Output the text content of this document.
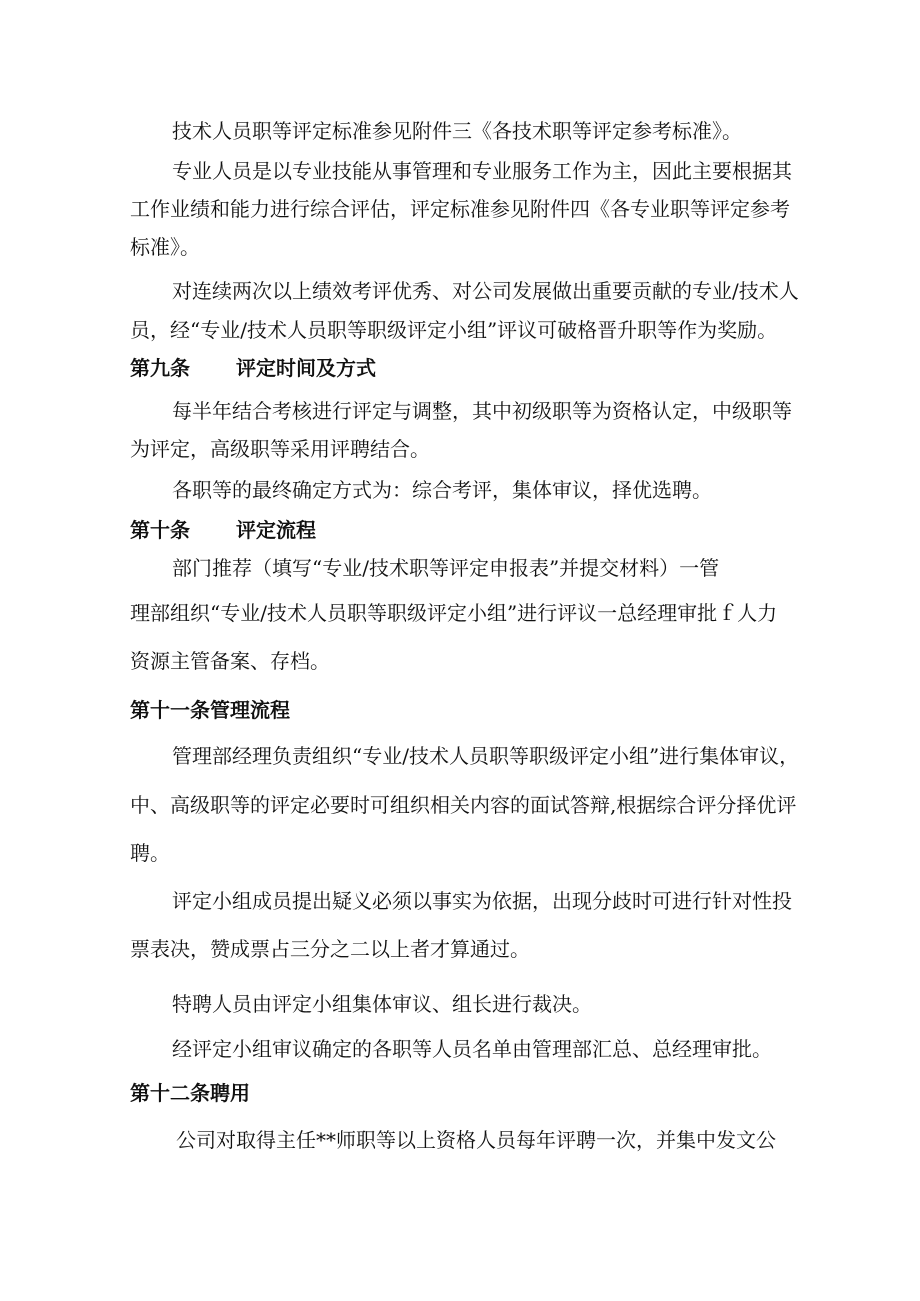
技术人员职等评定标准参见附件三《各技术职等评定参考标准》。

专业人员是以专业技能从事管理和专业服务工作为主，因此主要根据其

工作业绩和能力进行综合评估，评定标准参见附件四《各专业职等评定参考

标准》。

对连续两次以上绩效考评优秀、对公司发展做出重要贡献的专业/技术人

员，经“专业/技术人员职等职级评定小组”评议可破格晋升职等作为奖励。

第九条 评定时间及方式

每半年结合考核进行评定与调整，其中初级职等为资格认定，中级职等

为评定，高级职等采用评聘结合。

各职等的最终确定方式为：综合考评，集体审议，择优选聘。

第十条 评定流程

部门推荐（填写“专业/技术职等评定申报表”并提交材料）一管

理部组织“专业/技术人员职等职级评定小组”进行评议一总经理审批ｆ人力

资源主管备案、存档。

第十一条管理流程

管理部经理负责组织“专业/技术人员职等职级评定小组”进行集体审议，

中、高级职等的评定必要时可组织相关内容的面试答辩,根据综合评分择优评

聘。

评定小组成员提出疑义必须以事实为依据，出现分歧时可进行针对性投

票表决，赞成票占三分之二以上者才算通过。

特聘人员由评定小组集体审议、组长进行裁决。

经评定小组审议确定的各职等人员名单由管理部汇总、总经理审批。

第十二条聘用

公司对取得主任**师职等以上资格人员每年评聘一次，并集中发文公
